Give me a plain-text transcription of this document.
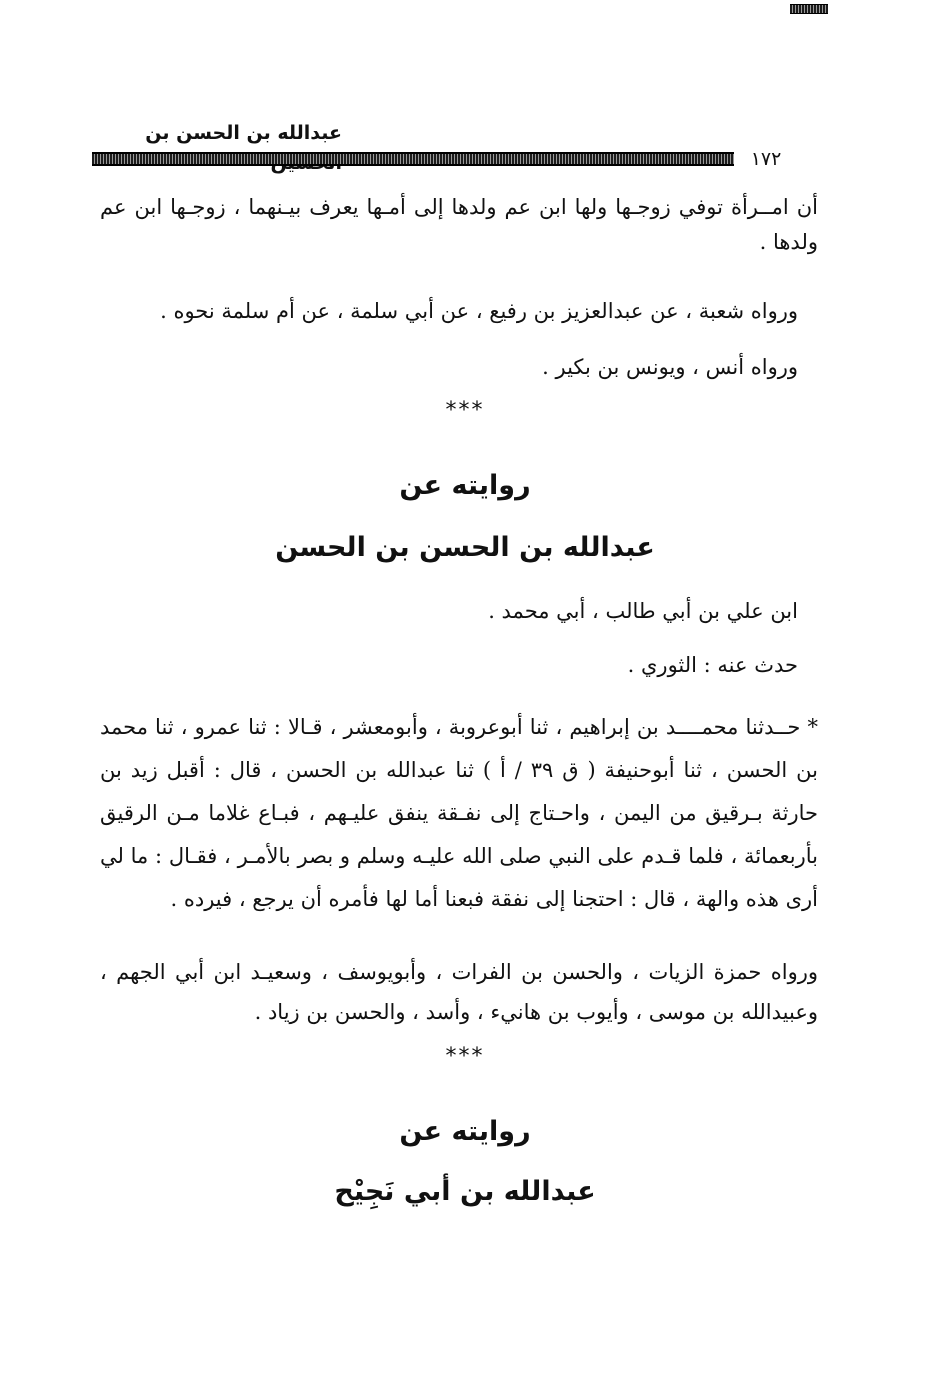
عبدالله بن الحسن بن
١٧٢
أن امــرأة توفي زوجـها ولها ابن عم ولدها إلى أمـها يعرف بيـنهما ، زوجـها ابن عم ولدها .
ورواه شعبة ، عن عبدالعزيز بن رفيع ، عن أبي سلمة ، عن أم سلمة نحوه .
ورواه أنس ، ويونس بن بكير .
***
روايته عن
عبدالله بن الحسن بن الحسن
ابن علي بن أبي طالب ، أبي محمد .
حدث عنه : الثوري .
* حــدثنا محمــــد بن إبراهيم ، ثنا أبوعروبة ، وأبومعشر ، قـالا : ثنا عمرو ، ثنا محمد بن الحسن ، ثنا أبوحنيفة ( ق ٣٩ / أ ) ثنا عبدالله بن الحسن ، قال : أقبل زيد بن حارثة بـرقيق من اليمن ، واحـتاج إلى نفـقة ينفق عليـهم ، فبـاع غلاما مـن الرقيق بأربعمائة ، فلما قـدم على النبي صلى الله عليـه وسلم و بصر بالأمـر ، فقـال : ما لي أرى هذه والهة ، قال : احتجنا إلى نفقة فبعنا أما لها فأمره أن يرجع ، فيرده .
ورواه حمزة الزيات ، والحسن بن الفرات ، وأبويوسف ، وسعيـد ابن أبي الجهم ، وعبيدالله بن موسى ، وأيوب بن هانيء ، وأسد ، والحسن بن زياد .
***
روايته عن
عبدالله بن أبي نَجِيْح
